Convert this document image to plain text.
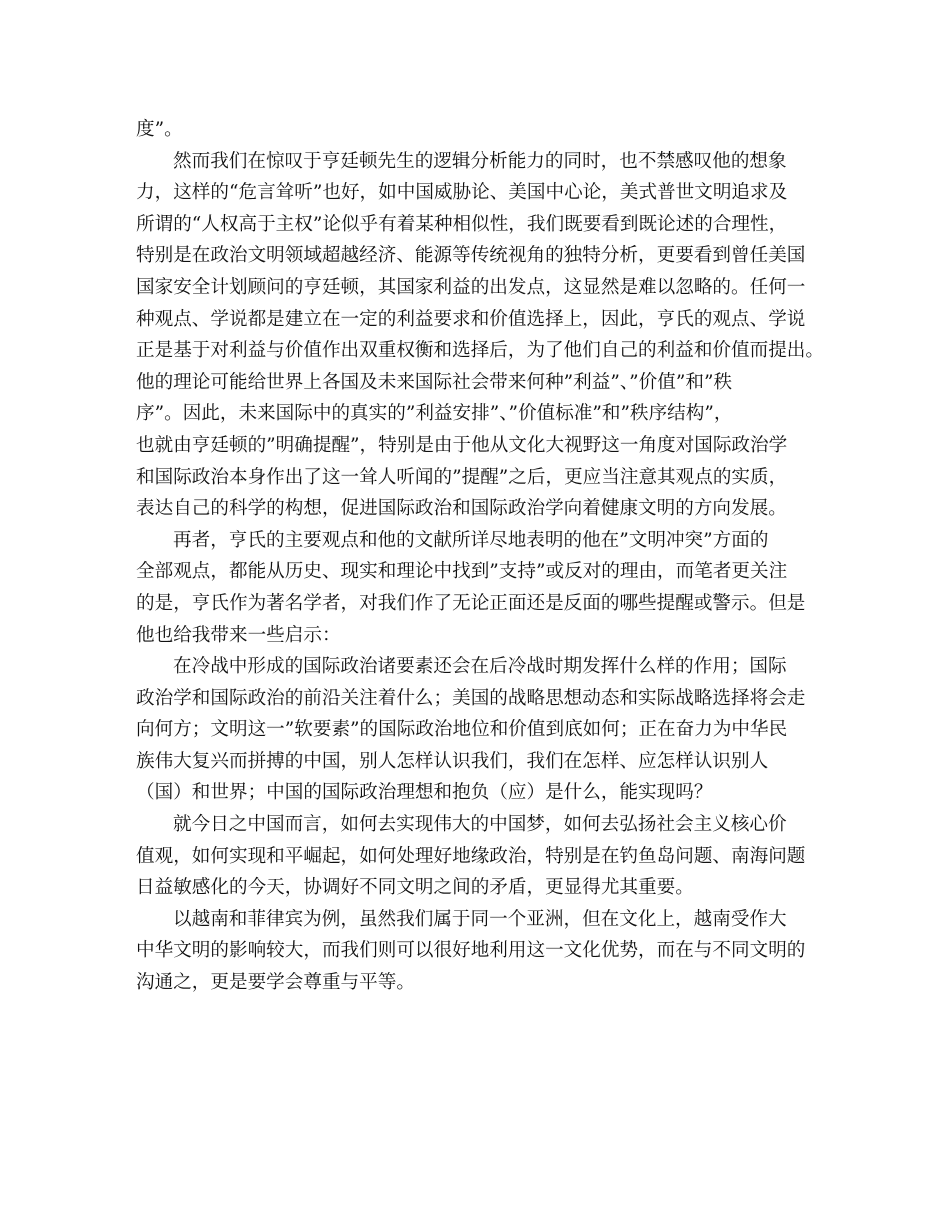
度”。
然而我们在惊叹于亨廷顿先生的逻辑分析能力的同时，也不禁感叹他的想象
力，这样的“危言耸听”也好，如中国威胁论、美国中心论，美式普世文明追求及
所谓的“人权高于主权”论似乎有着某种相似性，我们既要看到既论述的合理性，
特别是在政治文明领域超越经济、能源等传统视角的独特分析，更要看到曾任美国
国家安全计划顾问的亨廷顿，其国家利益的出发点，这显然是难以忽略的。任何一
种观点、学说都是建立在一定的利益要求和价值选择上，因此，亨氏的观点、学说
正是基于对利益与价值作出双重权衡和选择后，为了他们自己的利益和价值而提出。
他的理论可能给世界上各国及未来国际社会带来何种”利益”、”价值”和”秩
序”。因此，未来国际中的真实的”利益安排”、”价值标准”和”秩序结构”，
也就由亨廷顿的”明确提醒”，特别是由于他从文化大视野这一角度对国际政治学
和国际政治本身作出了这一耸人听闻的”提醒”之后，更应当注意其观点的实质，
表达自己的科学的构想，促进国际政治和国际政治学向着健康文明的方向发展。
再者，亨氏的主要观点和他的文献所详尽地表明的他在”文明冲突”方面的
全部观点，都能从历史、现实和理论中找到”支持”或反对的理由，而笔者更关注
的是，亨氏作为著名学者，对我们作了无论正面还是反面的哪些提醒或警示。但是
他也给我带来一些启示：
在冷战中形成的国际政治诸要素还会在后冷战时期发挥什么样的作用；国际
政治学和国际政治的前沿关注着什么；美国的战略思想动态和实际战略选择将会走
向何方；文明这一”软要素”的国际政治地位和价值到底如何；正在奋力为中华民
族伟大复兴而拼搏的中国，别人怎样认识我们，我们在怎样、应怎样认识别人
（国）和世界；中国的国际政治理想和抱负（应）是什么，能实现吗？
就今日之中国而言，如何去实现伟大的中国梦，如何去弘扬社会主义核心价
值观，如何实现和平崛起，如何处理好地缘政治，特别是在钓鱼岛问题、南海问题
日益敏感化的今天，协调好不同文明之间的矛盾，更显得尤其重要。
以越南和菲律宾为例，虽然我们属于同一个亚洲，但在文化上，越南受作大
中华文明的影响较大，而我们则可以很好地利用这一文化优势，而在与不同文明的
沟通之，更是要学会尊重与平等。
